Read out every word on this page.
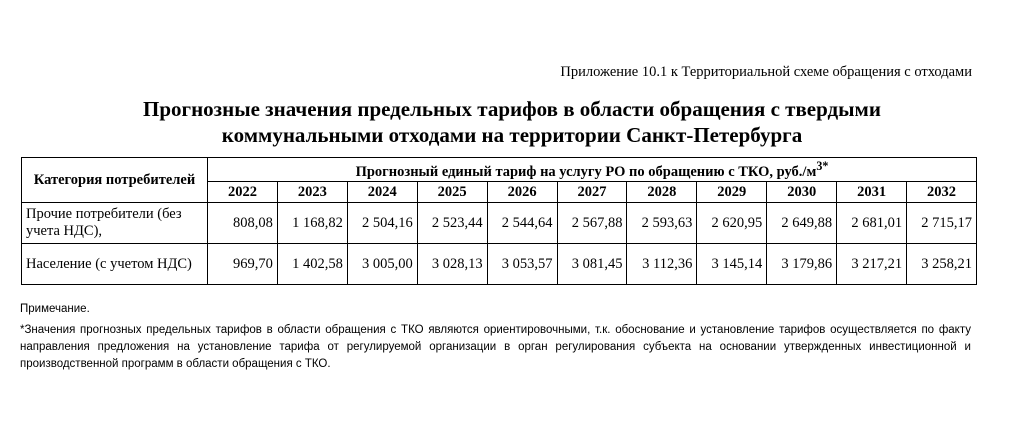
Приложение 10.1 к Территориальной схеме обращения с отходами
Прогнозные значения предельных тарифов в области обращения с твердыми
коммунальными отходами на территории Санкт-Петербурга
Категория потребителей	Прогнозный единый тариф на услугу РО по обращению с ТКО, $руб./м^{3*}$
	2022	2023	2024	2025	2026	2027	2028	2029	2030	2031	2032
Прочие потребители (без учета НДС),	808,08	1 168,82	2 504,16	2 523,44	2 544,64	2 567,88	2 593,63	2 620,95	2 649,88	2 681,01	2 715,17
Население (с учетом НДС)	969,70	1 402,58	3 005,00	3 028,13	3 053,57	3 081,45	3 112,36	3 145,14	3 179,86	3 217,21	3 258,21
Примечание.
*Значения прогнозных предельных тарифов в области обращения с ТКО являются ориентировочными, т.к. обоснование и установление тарифов осуществляется по факту направления предложения на установление тарифа от регулируемой организации в орган регулирования субъекта на основании утвержденных инвестиционной и производственной программ в области обращения с ТКО.
